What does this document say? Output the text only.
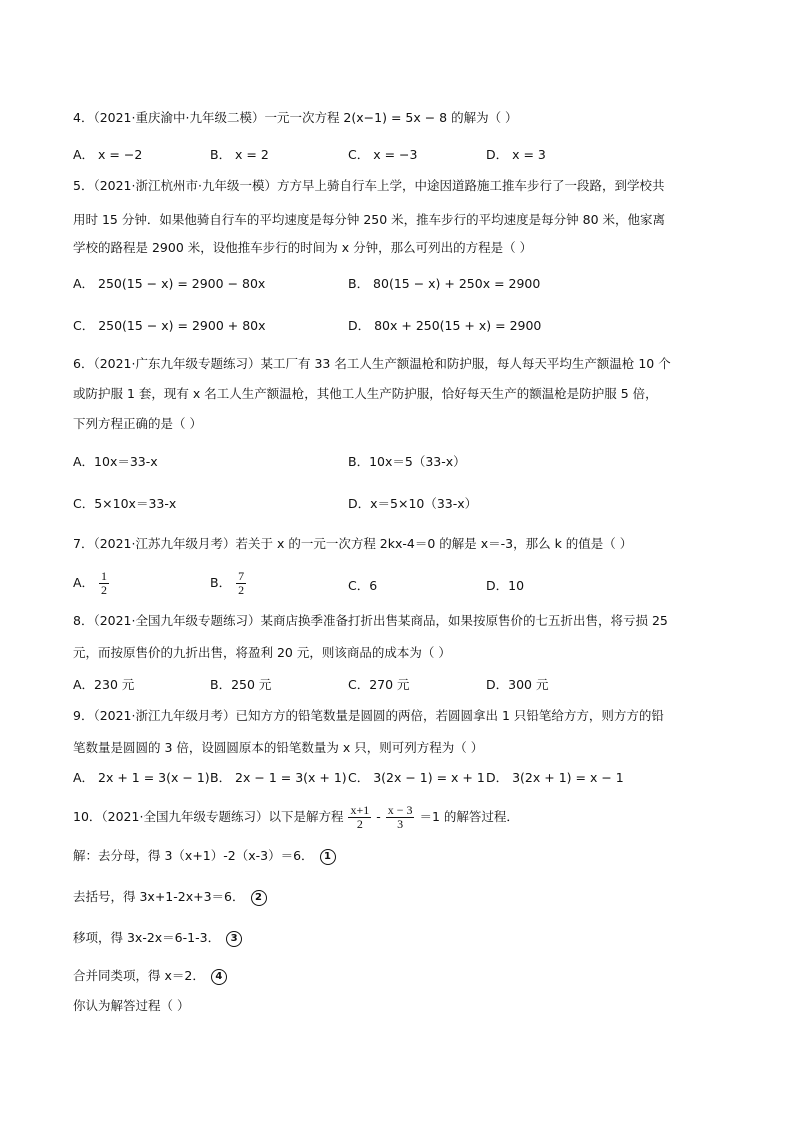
4．（2021·重庆渝中·九年级二模）一元一次方程 2(x−1) = 5x − 8 的解为（ ）
A． x = −2	B． x = 2	C． x = −3	D． x = 3
5．（2021·浙江杭州市·九年级一模）方方早上骑自行车上学，中途因道路施工推车步行了一段路，到学校共
用时 15 分钟．如果他骑自行车的平均速度是每分钟 250 米，推车步行的平均速度是每分钟 80 米，他家离
学校的路程是 2900 米，设他推车步行的时间为 x 分钟，那么可列出的方程是（ ）
A． 250(15 − x) = 2900 − 80x	B． 80(15 − x) + 250x = 2900
C． 250(15 − x) = 2900 + 80x	D． 80x + 250(15 + x) = 2900
6．（2021·广东九年级专题练习）某工厂有 33 名工人生产额温枪和防护服，每人每天平均生产额温枪 10 个
或防护服 1 套，现有 x 名工人生产额温枪，其他工人生产防护服，恰好每天生产的额温枪是防护服 5 倍，
下列方程正确的是（ ）
A．10x＝33-x	B．10x＝5（33-x）
C．5×10x＝33-x	D．x＝5×10（33-x）
7．（2021·江苏九年级月考）若关于 x 的一元一次方程 2kx-4＝0 的解是 x＝-3，那么 k 的值是（ ）
A． $\frac{1}{2}$	B． $\frac{7}{2}$	C．6	D．10
8．（2021·全国九年级专题练习）某商店换季准备打折出售某商品，如果按原售价的七五折出售，将亏损 25
元，而按原售价的九折出售，将盈利 20 元，则该商品的成本为（ ）
A．230 元	B．250 元	C．270 元	D．300 元
9．（2021·浙江九年级月考）已知方方的铅笔数量是圆圆的两倍，若圆圆拿出 1 只铅笔给方方，则方方的铅
笔数量是圆圆的 3 倍，设圆圆原本的铅笔数量为 x 只，则可列方程为（ ）
A． 2x + 1 = 3(x − 1) B． 2x − 1 = 3(x + 1) C． 3(2x − 1) = x + 1 D． 3(2x + 1) = x − 1
10．（2021·全国九年级专题练习）以下是解方程 $\frac{x+1}{2} - \frac{x - 3}{3} =1$ 的解答过程．
解：去分母，得 3（x+1）-2（x-3）＝6． 1
去括号，得 3x+1-2x+3＝6． 2
移项，得 3x-2x＝6-1-3． 3
合并同类项，得 x＝2． 4
你认为解答过程（ ）
